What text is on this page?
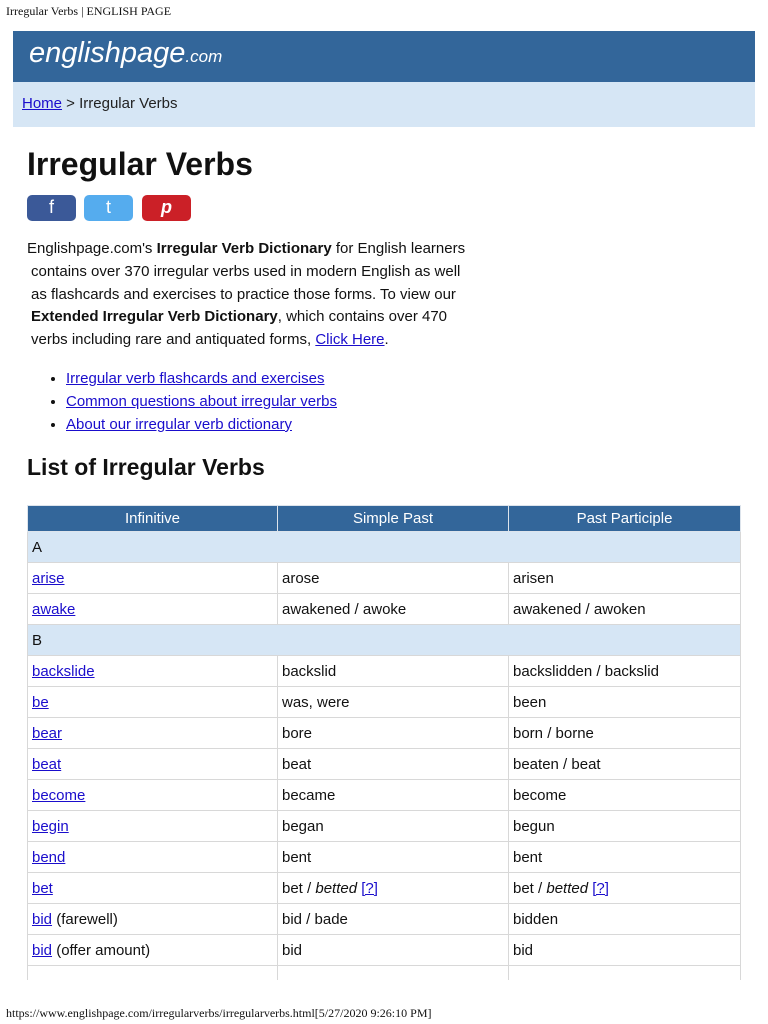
Irregular Verbs | ENGLISH PAGE
englishpage.com
Home > Irregular Verbs
Irregular Verbs
f	t	p
Englishpage.com's Irregular Verb Dictionary for English learners
contains over 370 irregular verbs used in modern English as well
as flashcards and exercises to practice those forms. To view our
Extended Irregular Verb Dictionary, which contains over 470
verbs including rare and antiquated forms, Click Here.
• Irregular verb flashcards and exercises
• Common questions about irregular verbs
• About our irregular verb dictionary
List of Irregular Verbs
Infinitive	Simple Past	Past Participle
A		
arise	arose	arisen
awake	awakened / awoke	awakened / awoken
B		
backslide	backslid	backslidden / backslid
be	was, were	been
bear	bore	born / borne
beat	beat	beaten / beat
become	became	become
begin	began	begun
bend	bent	bent
bet	bet / betted [?]	bet / betted [?]
bid (farewell)	bid / bade	bidden
bid (offer amount)	bid	bid

https://www.englishpage.com/irregularverbs/irregularverbs.html[5/27/2020 9:26:10 PM]
